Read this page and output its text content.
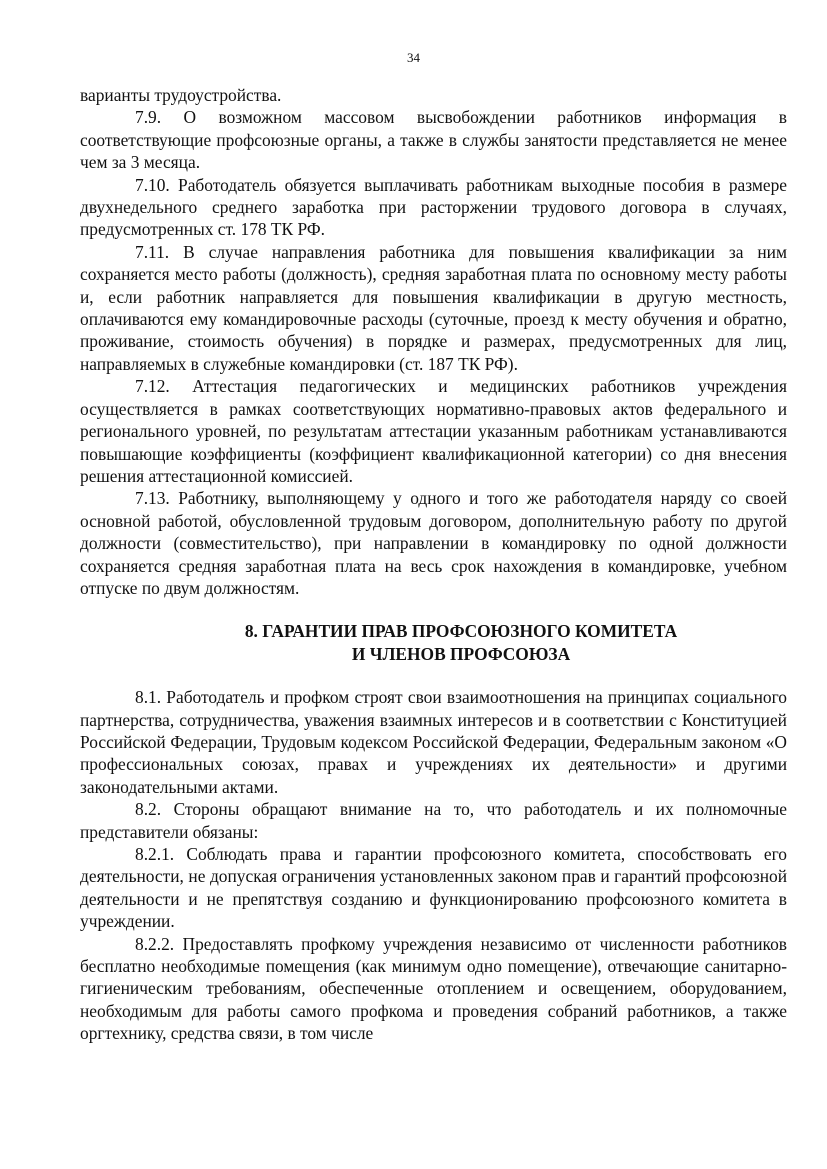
34

варианты трудоустройства.

7.9. О возможном массовом высвобождении работников информация в соответствующие профсоюзные органы, а также в службы занятости представляется не менее чем за 3 месяца.

7.10. Работодатель обязуется выплачивать работникам выходные пособия в размере двухнедельного среднего заработка при расторжении трудового договора в случаях, предусмотренных ст. 178 ТК РФ.

7.11. В случае направления работника для повышения квалификации за ним сохраняется место работы (должность), средняя заработная плата по основному месту работы и, если работник направляется для повышения квалификации в другую местность, оплачиваются ему командировочные расходы (суточные, проезд к месту обучения и обратно, проживание, стоимость обучения) в порядке и размерах, предусмотренных для лиц, направляемых в служебные командировки (ст. 187 ТК РФ).

7.12. Аттестация педагогических и медицинских работников учреждения осуществляется в рамках соответствующих нормативно-правовых актов федерального и регионального уровней, по результатам аттестации указанным работникам устанавливаются повышающие коэффициенты (коэффициент квалификационной категории) со дня внесения решения аттестационной комиссией.

7.13. Работнику, выполняющему у одного и того же работодателя наряду со своей основной работой, обусловленной трудовым договором, дополнительную работу по другой должности (совместительство), при направлении в командировку по одной должности сохраняется средняя заработная плата на весь срок нахождения в командировке, учебном отпуске по двум должностям.

8. ГАРАНТИИ ПРАВ ПРОФСОЮЗНОГО КОМИТЕТА
И ЧЛЕНОВ ПРОФСОЮЗА

8.1. Работодатель и профком строят свои взаимоотношения на принципах социального партнерства, сотрудничества, уважения взаимных интересов и в соответствии с Конституцией Российской Федерации, Трудовым кодексом Российской Федерации, Федеральным законом «О профессиональных союзах, правах и учреждениях их деятельности» и другими законодательными актами.

8.2. Стороны обращают внимание на то, что работодатель и их полномочные представители обязаны:

8.2.1. Соблюдать права и гарантии профсоюзного комитета, способствовать его деятельности, не допуская ограничения установленных законом прав и гарантий профсоюзной деятельности и не препятствуя созданию и функционированию профсоюзного комитета в учреждении.

8.2.2. Предоставлять профкому учреждения независимо от численности работников бесплатно необходимые помещения (как минимум одно помещение), отвечающие санитарно-гигиеническим требованиям, обеспеченные отоплением и освещением, оборудованием, необходимым для работы самого профкома и проведения собраний работников, а также оргтехнику, средства связи, в том числе
